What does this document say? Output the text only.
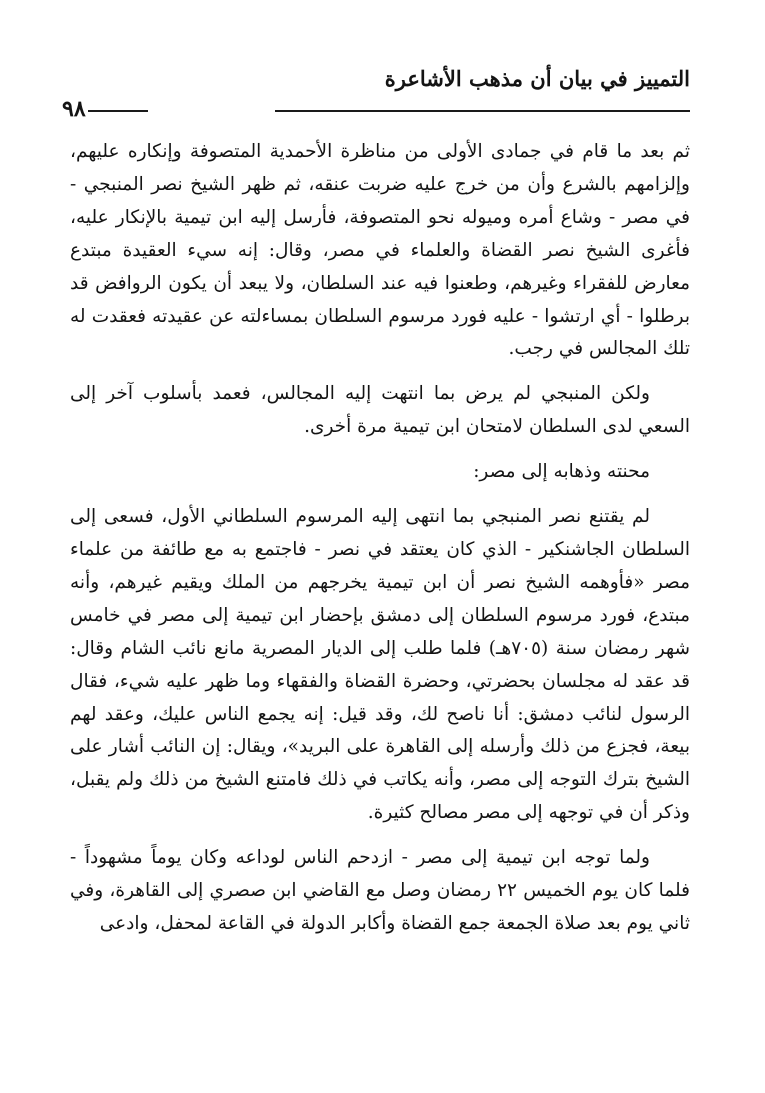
التمييز في بيان أن مذهب الأشاعرة
٩٨

ثم بعد ما قام في جمادى الأولى من مناظرة الأحمدية المتصوفة وإنكاره عليهم، وإلزامهم بالشرع وأن من خرج عليه ضربت عنقه، ثم ظهر الشيخ نصر المنبجي - في مصر - وشاع أمره وميوله نحو المتصوفة، فأرسل إليه ابن تيمية بالإنكار عليه، فأغرى الشيخ نصر القضاة والعلماء في مصر، وقال: إنه سيء العقيدة مبتدع معارض للفقراء وغيرهم، وطعنوا فيه عند السلطان، ولا يبعد أن يكون الروافض قد برطلوا - أي ارتشوا - عليه فورد مرسوم السلطان بمساءلته عن عقيدته فعقدت له تلك المجالس في رجب.

ولكن المنبجي لم يرض بما انتهت إليه المجالس، فعمد بأسلوب آخر إلى السعي لدى السلطان لامتحان ابن تيمية مرة أخرى.

محنته وذهابه إلى مصر:

لم يقتنع نصر المنبجي بما انتهى إليه المرسوم السلطاني الأول، فسعى إلى السلطان الجاشنكير - الذي كان يعتقد في نصر - فاجتمع به مع طائفة من علماء مصر «فأوهمه الشيخ نصر أن ابن تيمية يخرجهم من الملك ويقيم غيرهم، وأنه مبتدع، فورد مرسوم السلطان إلى دمشق بإحضار ابن تيمية إلى مصر في خامس شهر رمضان سنة (٧٠٥هـ) فلما طلب إلى الديار المصرية مانع نائب الشام وقال: قد عقد له مجلسان بحضرتي، وحضرة القضاة والفقهاء وما ظهر عليه شيء، فقال الرسول لنائب دمشق: أنا ناصح لك، وقد قيل: إنه يجمع الناس عليك، وعقد لهم بيعة، فجزع من ذلك وأرسله إلى القاهرة على البريد»، ويقال: إن النائب أشار على الشيخ بترك التوجه إلى مصر، وأنه يكاتب في ذلك فامتنع الشيخ من ذلك ولم يقبل، وذكر أن في توجهه إلى مصر مصالح كثيرة.

ولما توجه ابن تيمية إلى مصر - ازدحم الناس لوداعه وكان يوماً مشهوداً - فلما كان يوم الخميس ٢٢ رمضان وصل مع القاضي ابن صصري إلى القاهرة، وفي ثاني يوم بعد صلاة الجمعة جمع القضاة وأكابر الدولة في القاعة لمحفل، وادعى
